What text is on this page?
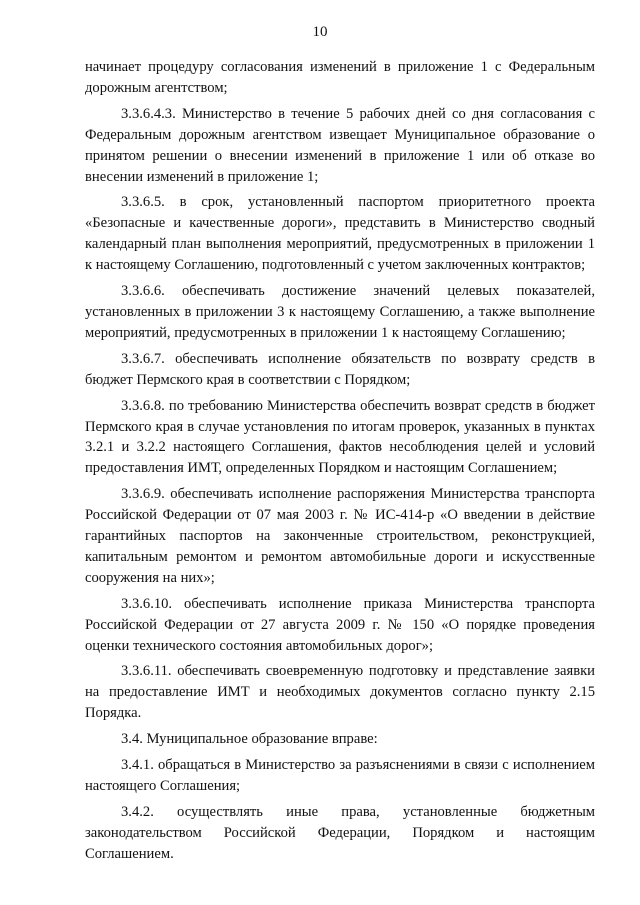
10

начинает процедуру согласования изменений в приложение 1 с Федеральным дорожным агентством;

3.3.6.4.3. Министерство в течение 5 рабочих дней со дня согласования с Федеральным дорожным агентством извещает Муниципальное образование о принятом решении о внесении изменений в приложение 1 или об отказе во внесении изменений в приложение 1;

3.3.6.5. в срок, установленный паспортом приоритетного проекта «Безопасные и качественные дороги», представить в Министерство сводный календарный план выполнения мероприятий, предусмотренных в приложении 1 к настоящему Соглашению, подготовленный с учетом заключенных контрактов;

3.3.6.6. обеспечивать достижение значений целевых показателей, установленных в приложении 3 к настоящему Соглашению, а также выполнение мероприятий, предусмотренных в приложении 1 к настоящему Соглашению;

3.3.6.7. обеспечивать исполнение обязательств по возврату средств в бюджет Пермского края в соответствии с Порядком;

3.3.6.8. по требованию Министерства обеспечить возврат средств в бюджет Пермского края в случае установления по итогам проверок, указанных в пунктах 3.2.1 и 3.2.2 настоящего Соглашения, фактов несоблюдения целей и условий предоставления ИМТ, определенных Порядком и настоящим Соглашением;

3.3.6.9. обеспечивать исполнение распоряжения Министерства транспорта Российской Федерации от 07 мая 2003 г. № ИС-414-р «О введении в действие гарантийных паспортов на законченные строительством, реконструкцией, капитальным ремонтом и ремонтом автомобильные дороги и искусственные сооружения на них»;

3.3.6.10. обеспечивать исполнение приказа Министерства транспорта Российской Федерации от 27 августа 2009 г. № 150 «О порядке проведения оценки технического состояния автомобильных дорог»;

3.3.6.11. обеспечивать своевременную подготовку и представление заявки на предоставление ИМТ и необходимых документов согласно пункту 2.15 Порядка.

3.4. Муниципальное образование вправе:

3.4.1. обращаться в Министерство за разъяснениями в связи с исполнением настоящего Соглашения;

3.4.2. осуществлять иные права, установленные бюджетным законодательством Российской Федерации, Порядком и настоящим Соглашением.
